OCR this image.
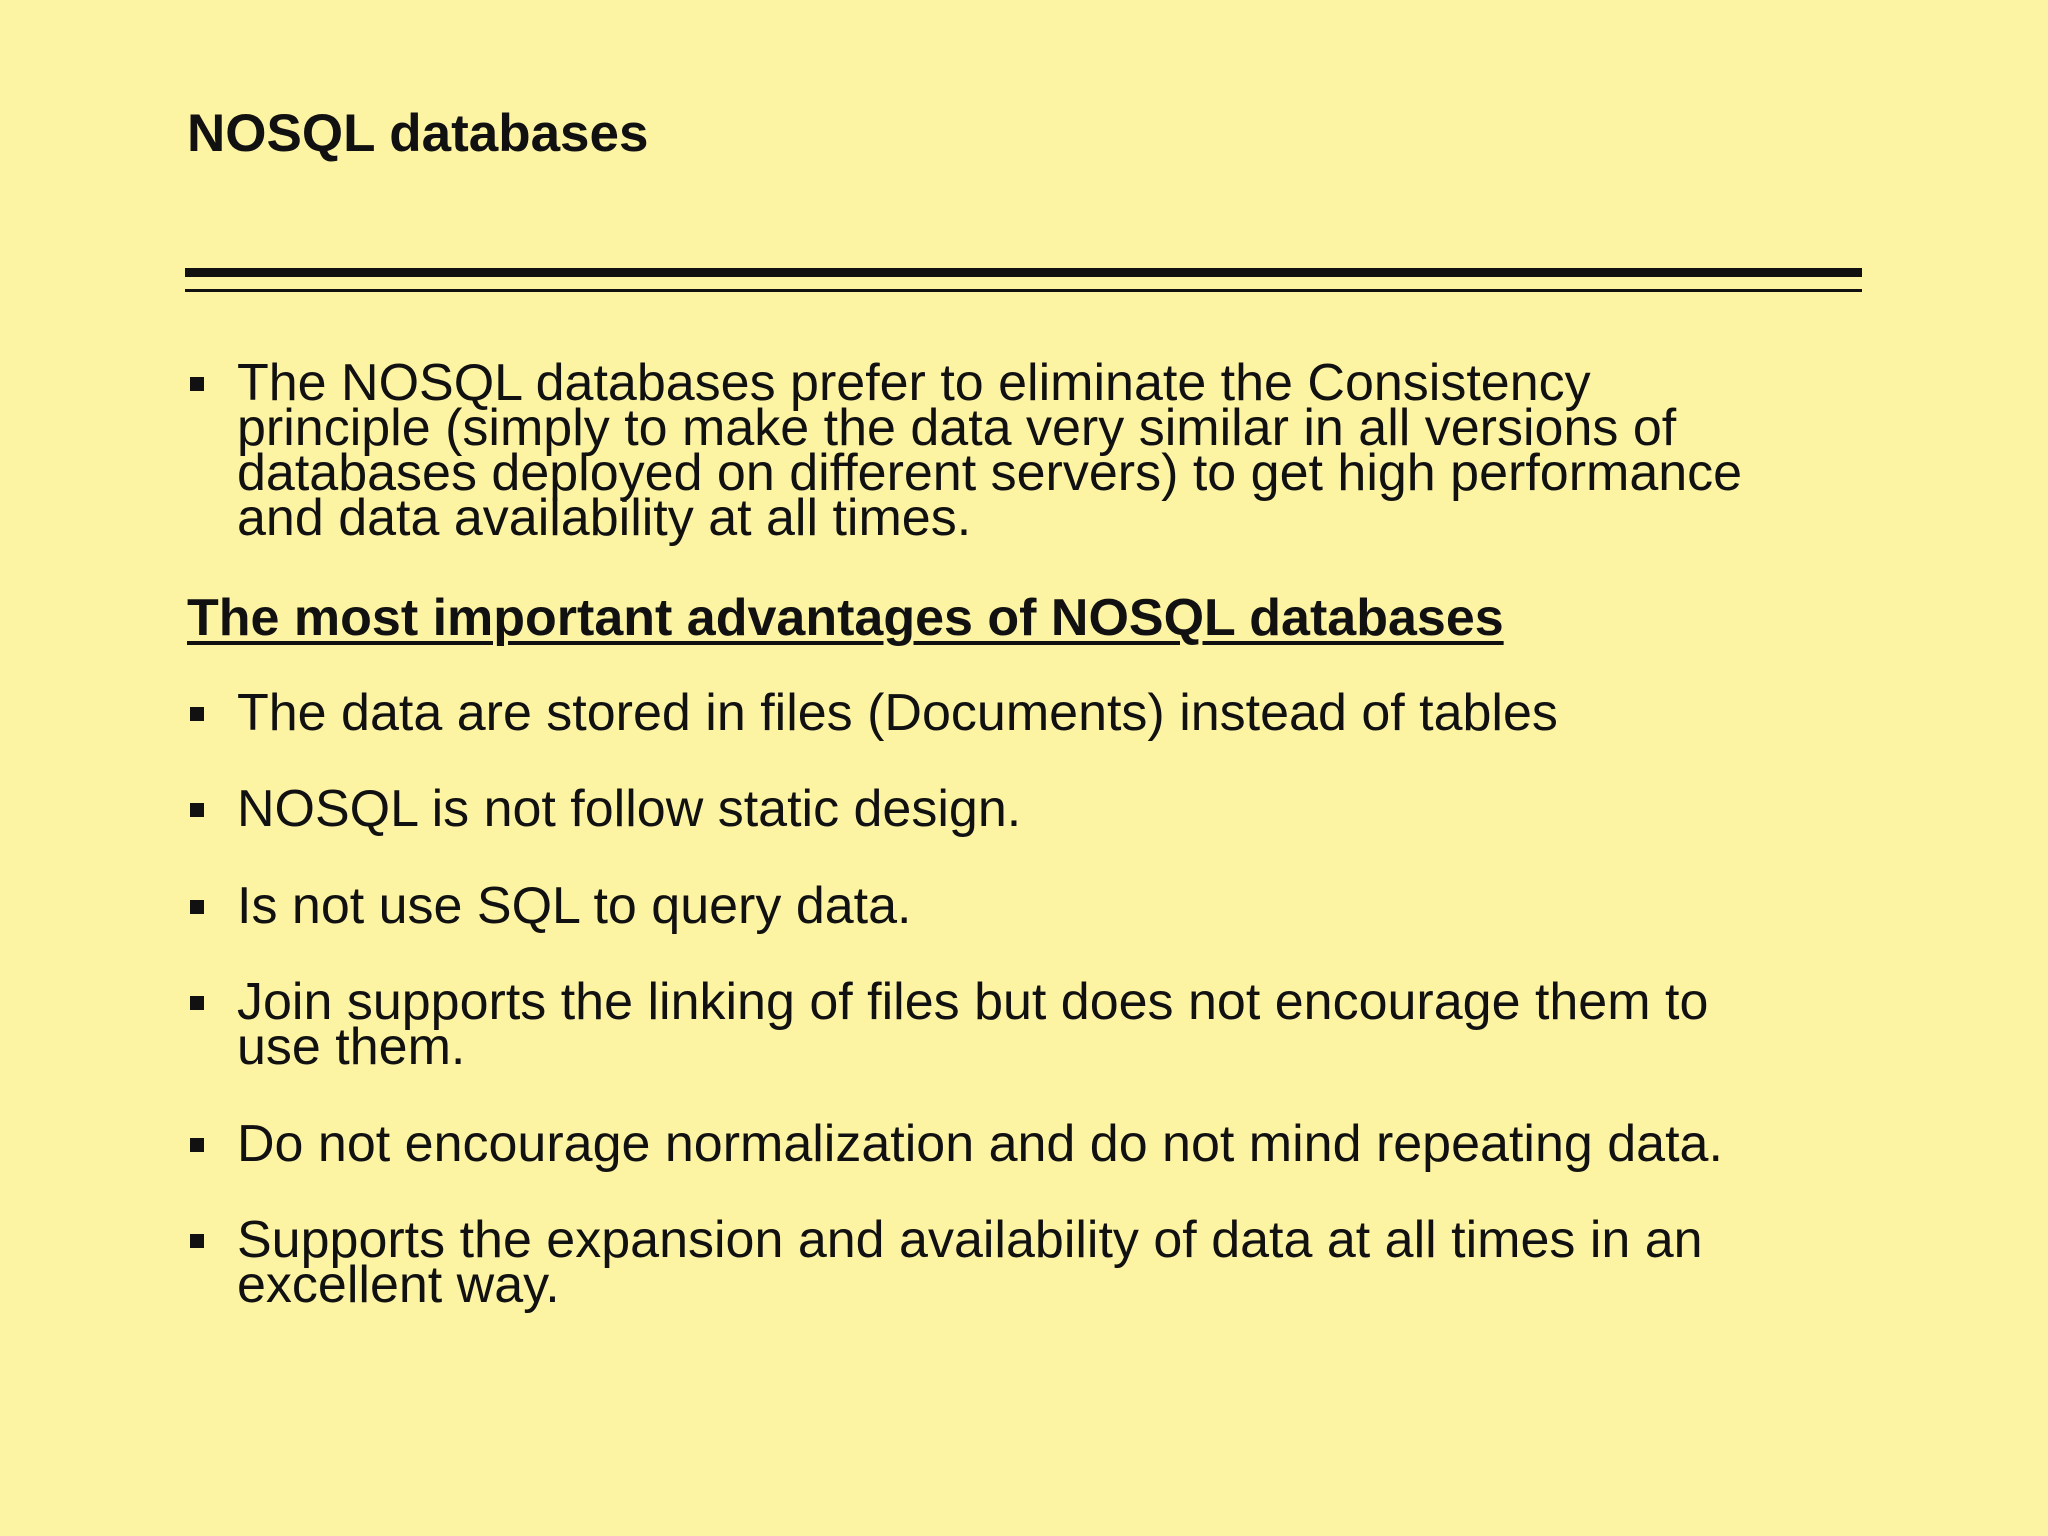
NOSQL databases
The NOSQL databases prefer to eliminate the Consistency
principle (simply to make the data very similar in all versions of
databases deployed on different servers) to get high performance
and data availability at all times.
The most important advantages of NOSQL databases
The data are stored in files (Documents) instead of tables
NOSQL is not follow static design.
Is not use SQL to query data.
Join supports the linking of files but does not encourage them to
use them.
Do not encourage normalization and do not mind repeating data.
Supports the expansion and availability of data at all times in an
excellent way.
